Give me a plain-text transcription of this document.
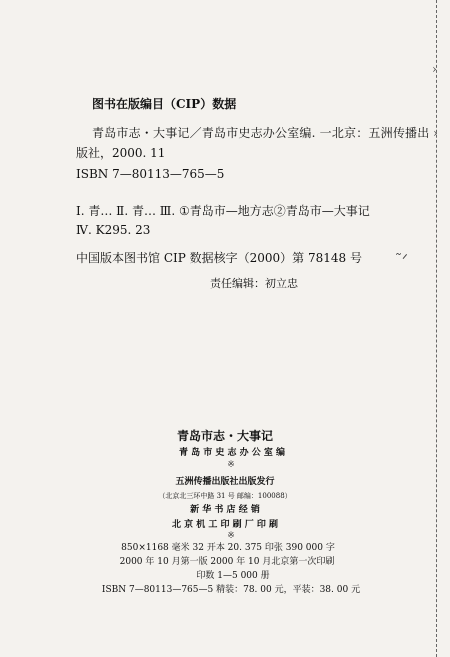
›
›
˜ᐟ
图书在版编目（CIP）数据
青岛市志・大事记／青岛市史志办公室编. 一北京：五洲传播出
版社，2000. 11
ISBN 7—80113—765—5
Ⅰ. 青… Ⅱ. 青… Ⅲ. ①青岛市—地方志②青岛市—大事记
Ⅳ. K295. 23
中国版本图书馆 CIP 数据核字（2000）第 78148 号
责任编辑：初立忠
青岛市志・大事记
青 岛 市 史 志 办 公 室 编
※
五洲传播出版社出版发行
（北京北三环中路 31 号 邮编：100088）
新 华 书 店 经 销
北 京 机 工 印 刷 厂 印 刷
※
850×1168 毫米 32 开本 20. 375 印张 390 000 字
2000 年 10 月第一版 2000 年 10 月北京第一次印刷
印数 1—5 000 册
ISBN 7—80113—765—5 精装：78. 00 元，平装：38. 00 元
